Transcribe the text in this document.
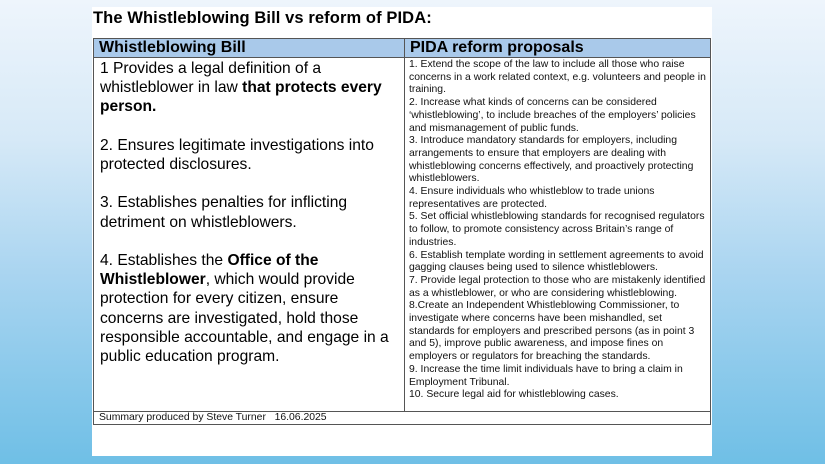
The Whistleblowing Bill vs reform of PIDA:
Whistleblowing Bill	PIDA reform proposals

1 Provides a legal definition of a whistleblower in law that protects every person.

2. Ensures legitimate investigations into protected disclosures.

3. Establishes penalties for inflicting detriment on whistleblowers.

4. Establishes the Office of the Whistleblower, which would provide protection for every citizen, ensure concerns are investigated, hold those responsible accountable, and engage in a public education program.

1. Extend the scope of the law to include all those who raise concerns in a work related context, e.g. volunteers and people in training.
2. Increase what kinds of concerns can be considered ‘whistleblowing’, to include breaches of the employers’ policies and mismanagement of public funds.
3. Introduce mandatory standards for employers, including arrangements to ensure that employers are dealing with whistleblowing concerns effectively, and proactively protecting whistleblowers.
4. Ensure individuals who whistleblow to trade unions representatives are protected.
5. Set official whistleblowing standards for recognised regulators to follow, to promote consistency across Britain’s range of industries.
6. Establish template wording in settlement agreements to avoid gagging clauses being used to silence whistleblowers.
7. Provide legal protection to those who are mistakenly identified as a whistleblower, or who are considering whistleblowing.
8.Create an Independent Whistleblowing Commissioner, to investigate where concerns have been mishandled, set standards for employers and prescribed persons (as in point 3 and 5), improve public awareness, and impose fines on employers or regulators for breaching the standards.
9. Increase the time limit individuals have to bring a claim in Employment Tribunal.
10. Secure legal aid for whistleblowing cases.
Summary produced by Steve Turner   16.06.2025
